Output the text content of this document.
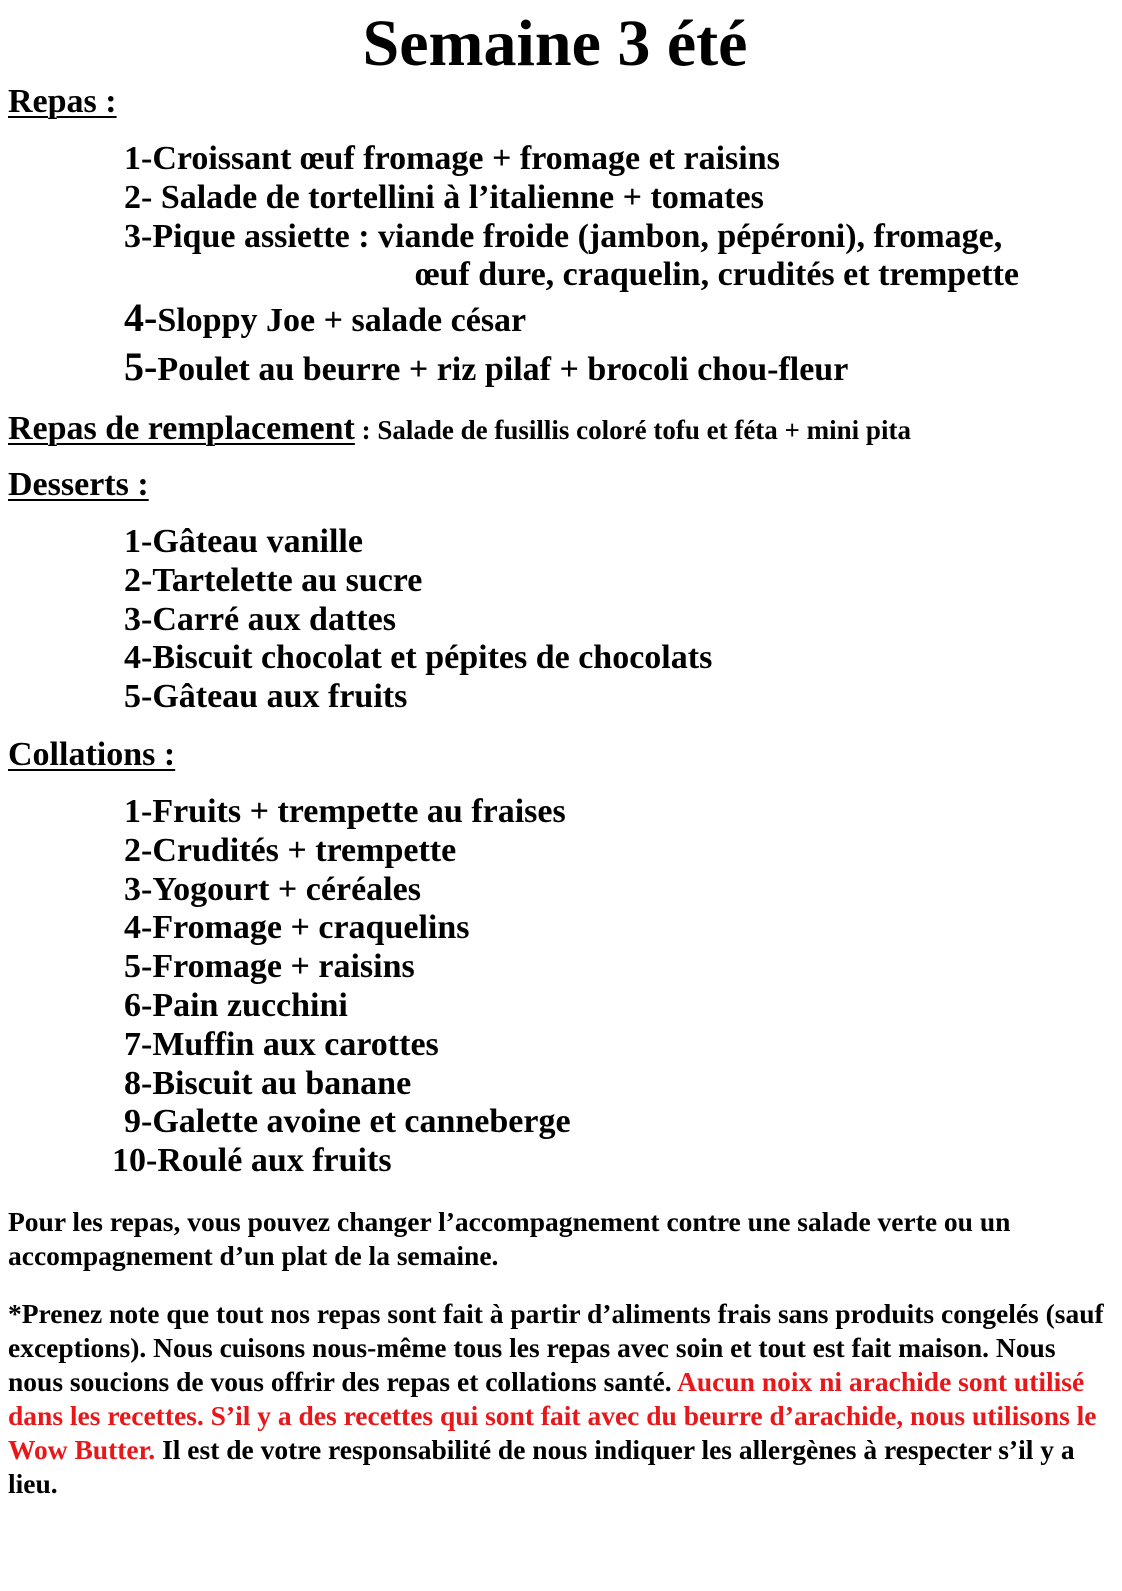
Semaine 3 été
Repas :
1-Croissant œuf fromage + fromage et raisins
2- Salade de tortellini à l’italienne + tomates
3-Pique assiette : viande froide (jambon, pépéroni), fromage,
œuf dure, craquelin, crudités et trempette
4-Sloppy Joe + salade césar
5-Poulet au beurre + riz pilaf + brocoli chou-fleur
Repas de remplacement : Salade de fusillis coloré tofu et féta + mini pita
Desserts :
1-Gâteau vanille
2-Tartelette au sucre
3-Carré aux dattes
4-Biscuit chocolat et pépites de chocolats
5-Gâteau aux fruits
Collations :
1-Fruits + trempette au fraises
2-Crudités + trempette
3-Yogourt + céréales
4-Fromage + craquelins
5-Fromage + raisins
6-Pain zucchini
7-Muffin aux carottes
8-Biscuit au banane
9-Galette avoine et canneberge
10-Roulé aux fruits

Pour les repas, vous pouvez changer l’accompagnement contre une salade verte ou un accompagnement d’un plat de la semaine.

*Prenez note que tout nos repas sont fait à partir d’aliments frais sans produits congelés (sauf exceptions). Nous cuisons nous-même tous les repas avec soin et tout est fait maison. Nous nous soucions de vous offrir des repas et collations santé. Aucun noix ni arachide sont utilisé dans les recettes. S’il y a des recettes qui sont fait avec du beurre d’arachide, nous utilisons le Wow Butter. Il est de votre responsabilité de nous indiquer les allergènes à respecter s’il y a lieu.
